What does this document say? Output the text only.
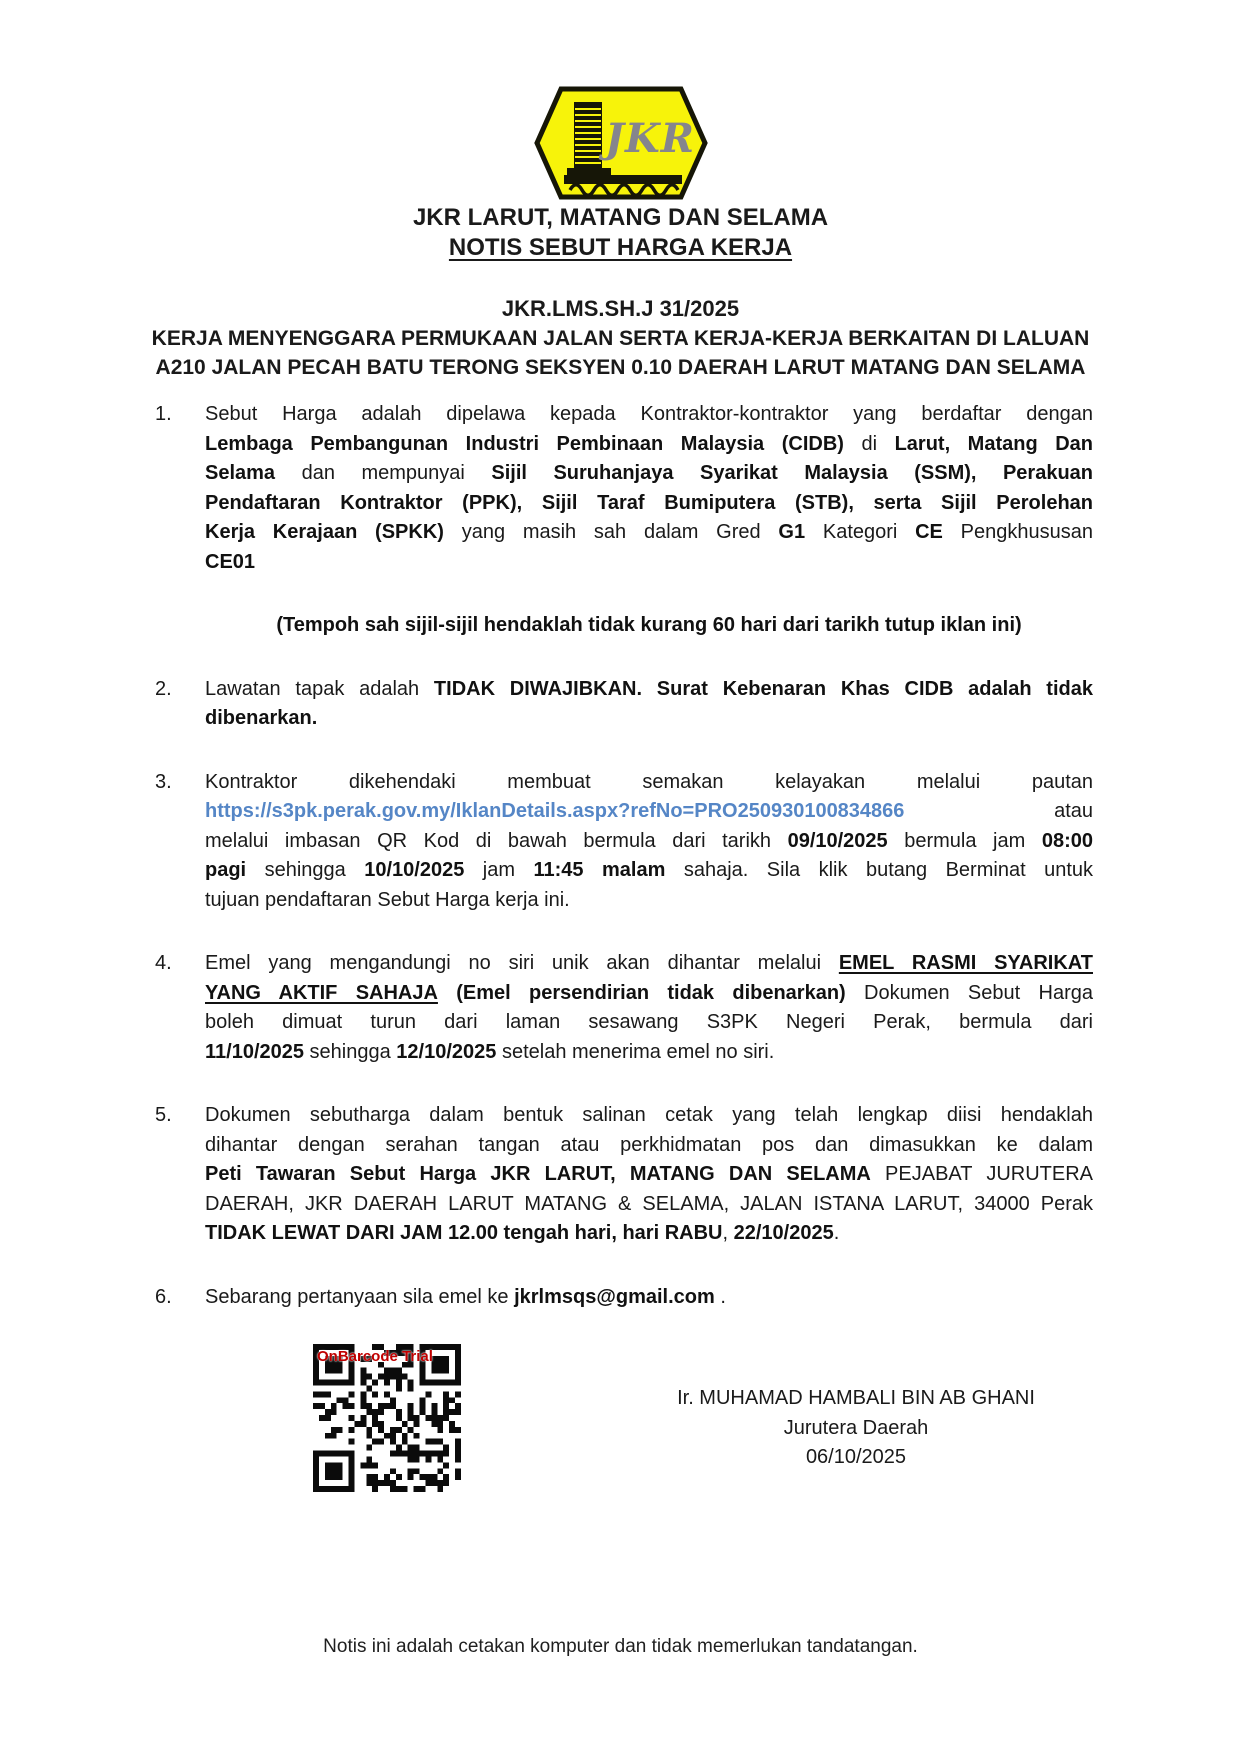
JKR
JKR LARUT, MATANG DAN SELAMA
NOTIS SEBUT HARGA KERJA
JKR.LMS.SH.J 31/2025
KERJA MENYENGGARA PERMUKAAN JALAN SERTA KERJA-KERJA BERKAITAN DI LALUAN
A210 JALAN PECAH BATU TERONG SEKSYEN 0.10 DAERAH LARUT MATANG DAN SELAMA
1.	Sebut Harga adalah dipelawa kepada Kontraktor-kontraktor yang berdaftar dengan
Lembaga Pembangunan Industri Pembinaan Malaysia (CIDB) di Larut, Matang Dan
Selama dan mempunyai Sijil Suruhanjaya Syarikat Malaysia (SSM), Perakuan
Pendaftaran Kontraktor (PPK), Sijil Taraf Bumiputera (STB), serta Sijil Perolehan
Kerja Kerajaan (SPKK) yang masih sah dalam Gred G1 Kategori CE Pengkhususan
CE01
(Tempoh sah sijil-sijil hendaklah tidak kurang 60 hari dari tarikh tutup iklan ini)
2.	Lawatan tapak adalah TIDAK DIWAJIBKAN. Surat Kebenaran Khas CIDB adalah tidak
dibenarkan.
3.	Kontraktor dikehendaki membuat semakan kelayakan melalui pautan
https://s3pk.perak.gov.my/IklanDetails.aspx?refNo=PRO250930100834866 atau
melalui imbasan QR Kod di bawah bermula dari tarikh 09/10/2025 bermula jam 08:00
pagi sehingga 10/10/2025 jam 11:45 malam sahaja. Sila klik butang Berminat untuk
tujuan pendaftaran Sebut Harga kerja ini.
4.	Emel yang mengandungi no siri unik akan dihantar melalui EMEL RASMI SYARIKAT
YANG AKTIF SAHAJA (Emel persendirian tidak dibenarkan) Dokumen Sebut Harga
boleh dimuat turun dari laman sesawang S3PK Negeri Perak, bermula dari
11/10/2025 sehingga 12/10/2025 setelah menerima emel no siri.
5.	Dokumen sebutharga dalam bentuk salinan cetak yang telah lengkap diisi hendaklah
dihantar dengan serahan tangan atau perkhidmatan pos dan dimasukkan ke dalam
Peti Tawaran Sebut Harga JKR LARUT, MATANG DAN SELAMA PEJABAT JURUTERA
DAERAH, JKR DAERAH LARUT MATANG & SELAMA, JALAN ISTANA LARUT, 34000 Perak
TIDAK LEWAT DARI JAM 12.00 tengah hari, hari RABU, 22/10/2025.
6.	Sebarang pertanyaan sila emel ke jkrlmsqs@gmail.com .
OnBarcode Trial
Ir. MUHAMAD HAMBALI BIN AB GHANI
Jurutera Daerah
06/10/2025
Notis ini adalah cetakan komputer dan tidak memerlukan tandatangan.
